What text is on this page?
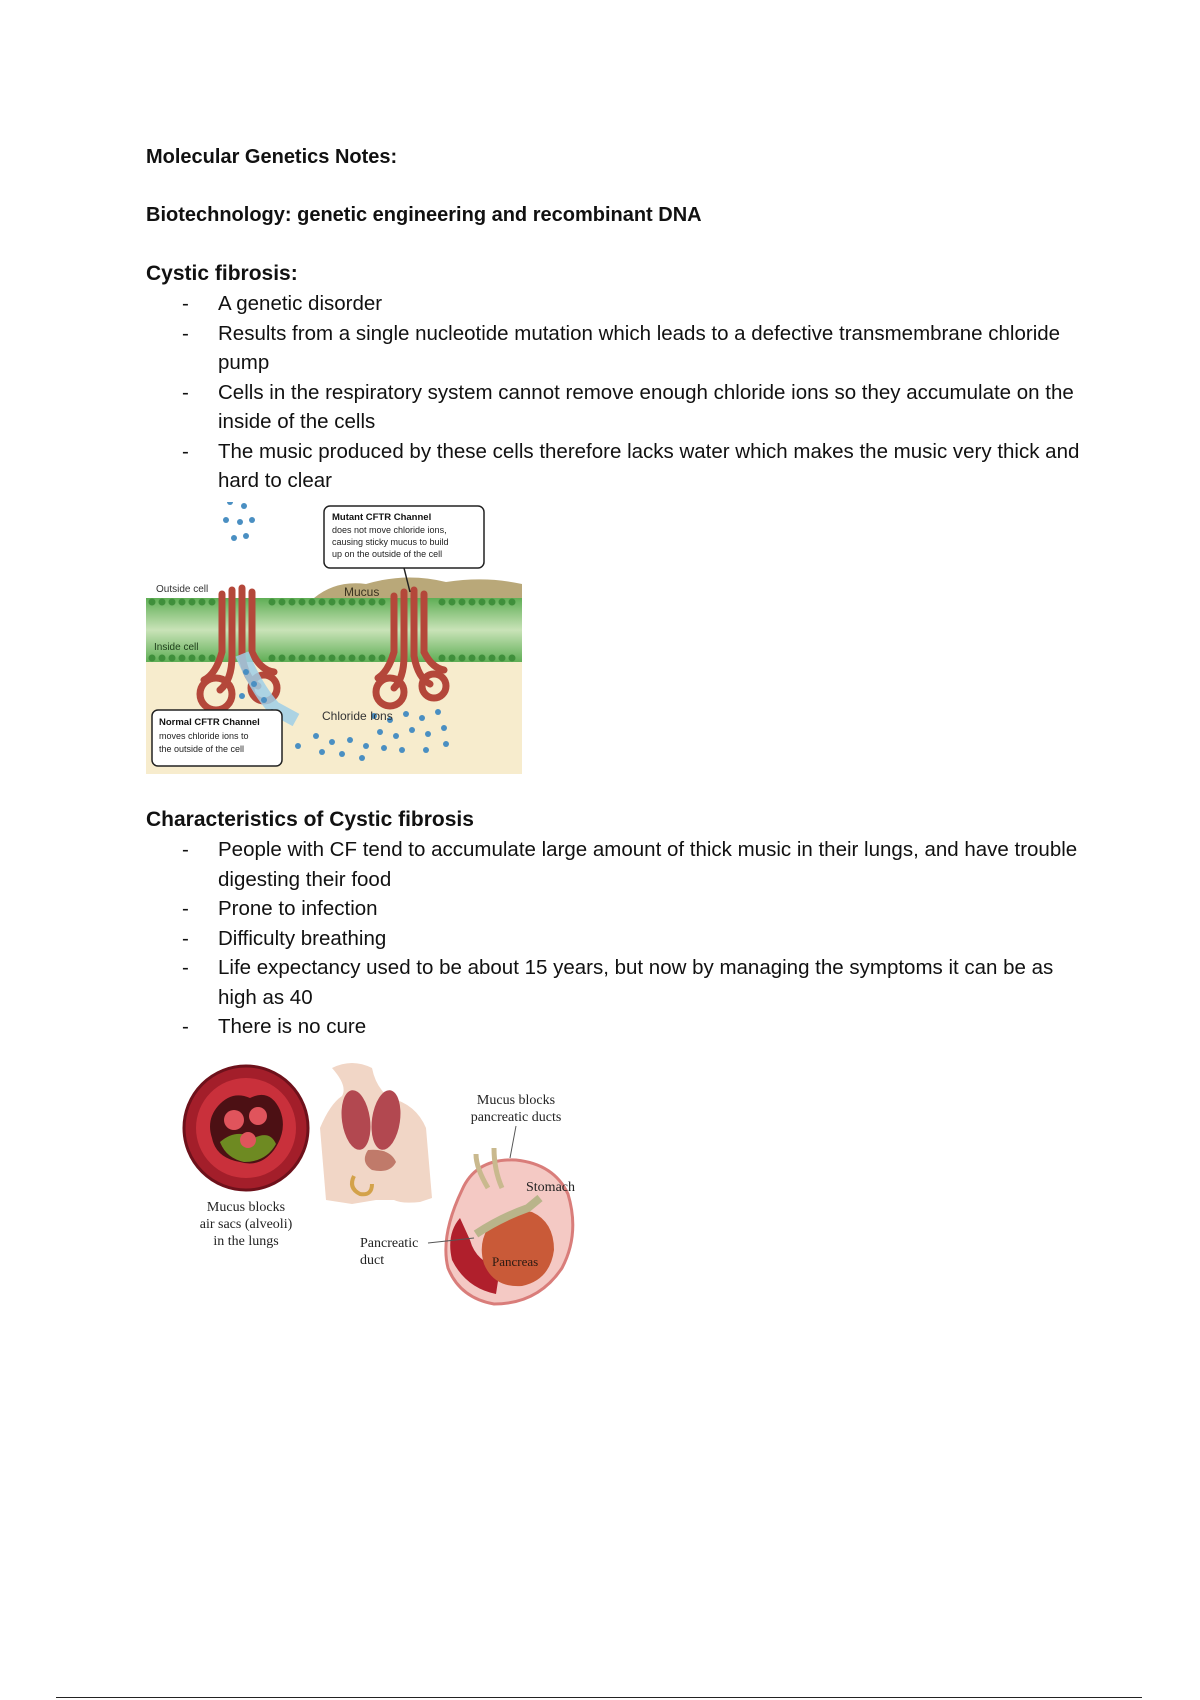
Molecular Genetics Notes:
Biotechnology: genetic engineering and recombinant DNA
Cystic fibrosis:
- A genetic disorder
- Results from a single nucleotide mutation which leads to a defective transmembrane chloride pump
- Cells in the respiratory system cannot remove enough chloride ions so they accumulate on the inside of the cells
- The music produced by these cells therefore lacks water which makes the music very thick and hard to clear
Outside cell
Inside cell
Mucus
Chloride Ions
Mutant CFTR Channel
does not move chloride ions,
causing sticky mucus to build
up on the outside of the cell
Normal CFTR Channel
moves chloride ions to
the outside of the cell
Characteristics of Cystic fibrosis
- People with CF tend to accumulate large amount of thick music in their lungs, and have trouble digesting their food
- Prone to infection
- Difficulty breathing
- Life expectancy used to be about 15 years, but now by managing the symptoms it can be as high as 40
- There is no cure
Mucus blocks
air sacs (alveoli)
in the lungs
Mucus blocks
pancreatic ducts
Stomach
Pancreatic
duct	Pancreas
